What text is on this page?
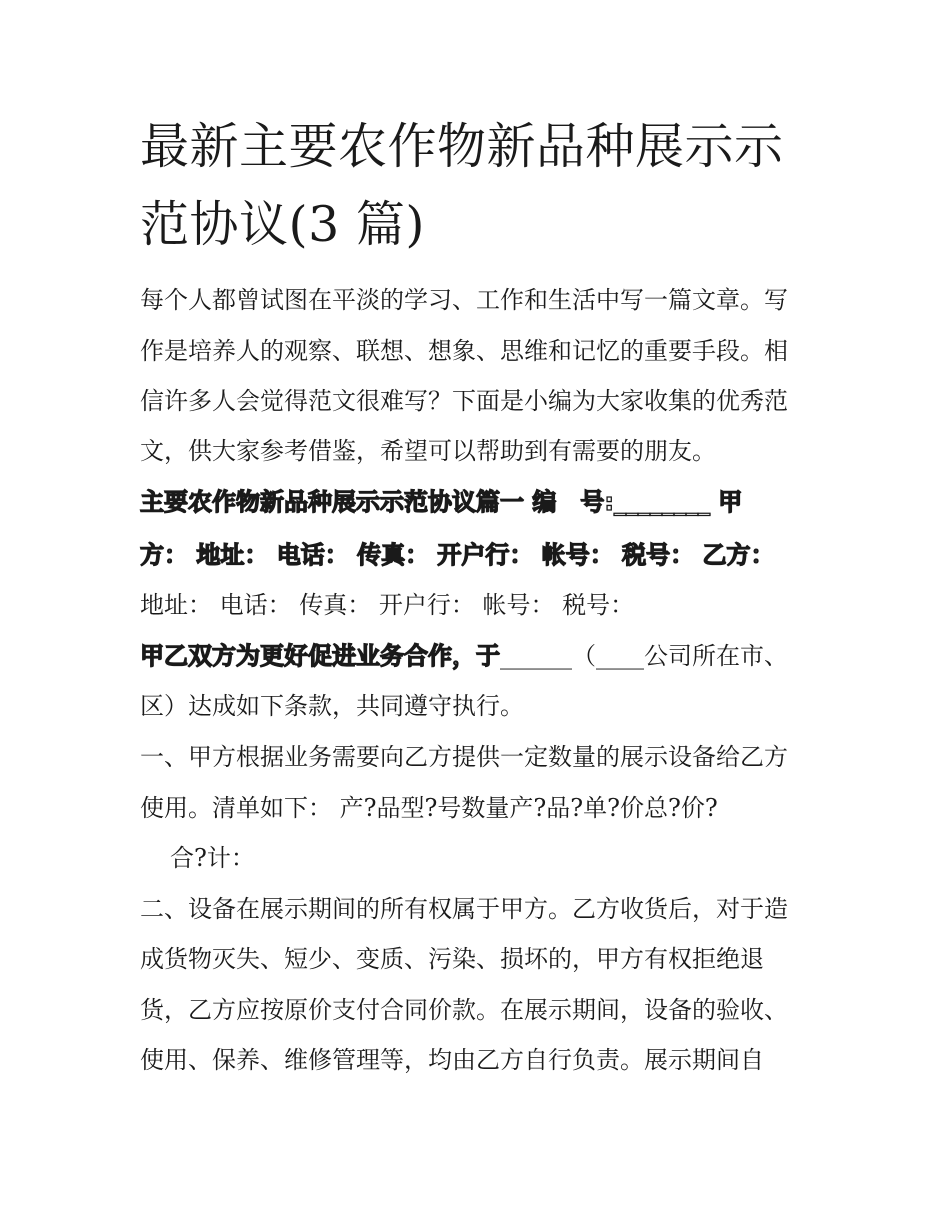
最新主要农作物新品种展示示
范协议(3 篇)
每个人都曾试图在平淡的学习、工作和生活中写一篇文章。写
作是培养人的观察、联想、想象、思维和记忆的重要手段。相
信许多人会觉得范文很难写？下面是小编为大家收集的优秀范
文，供大家参考借鉴，希望可以帮助到有需要的朋友。
主要农作物新品种展示示范协议篇一 编　号:________ 甲
方： 地址： 电话： 传真： 开户行： 帐号： 税号： 乙方：
地址： 电话： 传真： 开户行： 帐号： 税号：
甲乙双方为更好促进业务合作，于______（____公司所在市、
区）达成如下条款，共同遵守执行。
一、甲方根据业务需要向乙方提供一定数量的展示设备给乙方
使用。清单如下： 产?品型?号数量产?品?单?价总?价?
合?计：
二、设备在展示期间的所有权属于甲方。乙方收货后，对于造
成货物灭失、短少、变质、污染、损坏的，甲方有权拒绝退
货，乙方应按原价支付合同价款。在展示期间，设备的验收、
使用、保养、维修管理等，均由乙方自行负责。展示期间自
